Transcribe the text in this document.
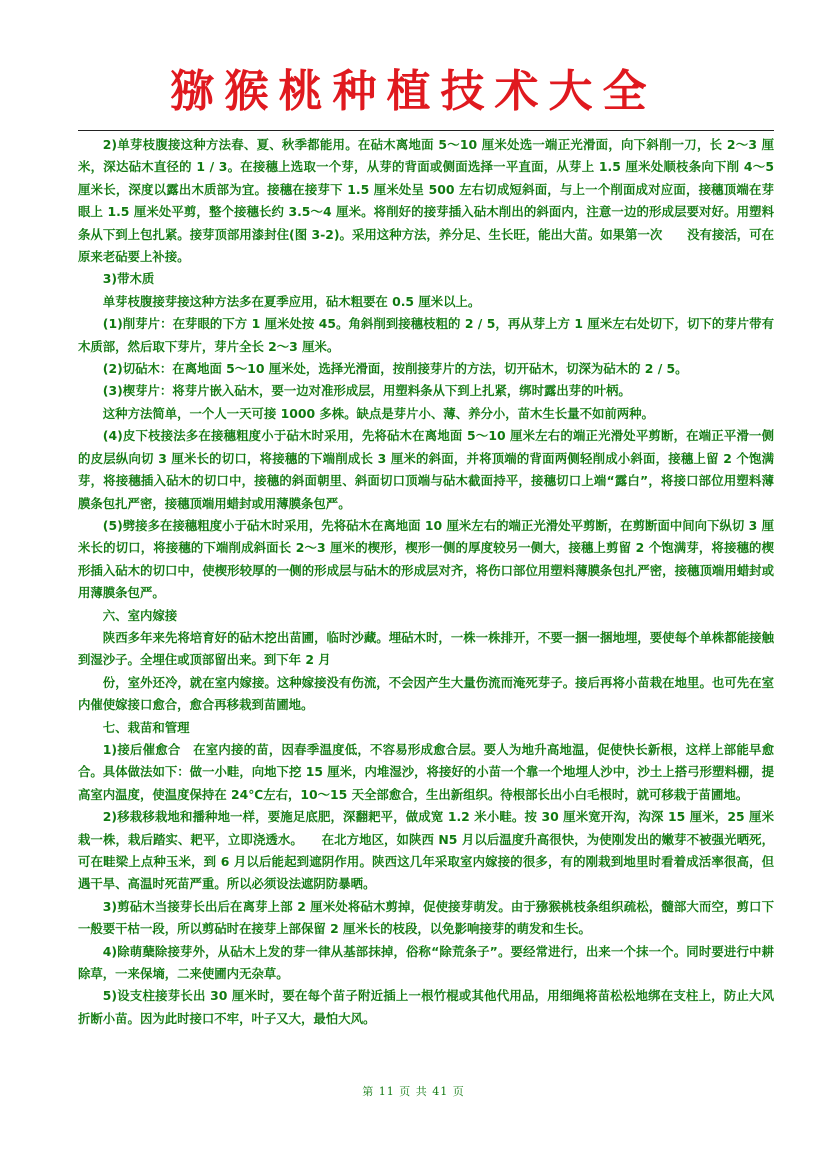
猕猴桃种植技术大全

2)单芽枝腹接这种方法春、夏、秋季都能用。在砧木离地面 5～10 厘米处选一端正光滑面，向下斜削一刀，长 2～3 厘米，深达砧木直径的 1 / 3。在接穗上选取一个芽，从芽的背面或侧面选择一平直面，从芽上 1.5 厘米处顺枝条向下削 4～5 厘米长，深度以露出木质部为宜。接穗在接芽下 1.5 厘米处呈 500 左右切成短斜面，与上一个削面成对应面，接穗顶端在芽眼上 1.5 厘米处平剪，整个接穗长约 3.5～4 厘米。将削好的接芽插入砧木削出的斜面内，注意一边的形成层要对好。用塑料条从下到上包扎紧。接芽顶部用漆封住(图 3-2)。采用这种方法，养分足、生长旺，能出大苗。如果第一次　　没有接活，可在原来老砧要上补接。

3)带木质

单芽枝腹接芽接这种方法多在夏季应用，砧木粗要在 0.5 厘米以上。

(1)削芽片：在芽眼的下方 1 厘米处按 45。角斜削到接穗枝粗的 2 / 5，再从芽上方 1 厘米左右处切下，切下的芽片带有木质部，然后取下芽片，芽片全长 2～3 厘米。

(2)切砧木：在离地面 5～10 厘米处，选择光滑面，按削接芽片的方法，切开砧木，切深为砧木的 2 / 5。

(3)楔芽片：将芽片嵌入砧木，要一边对准形成层，用塑料条从下到上扎紧，绑时露出芽的叶柄。

这种方法简单，一个人一天可接 1000 多株。缺点是芽片小、薄、养分小，苗木生长量不如前两种。

(4)皮下枝接法多在接穗粗度小于砧木时采用，先将砧木在离地面 5～10 厘米左右的端正光滑处平剪断，在端正平滑一侧的皮层纵向切 3 厘米长的切口，将接穗的下端削成长 3 厘米的斜面，并将顶端的背面两侧轻削成小斜面，接穗上留 2 个饱满芽，将接穗插入砧木的切口中，接穗的斜面朝里、斜面切口顶端与砧木截面持平，接穗切口上端“露白”，将接口部位用塑料薄膜条包扎严密，接穗顶端用蜡封或用薄膜条包严。

(5)劈接多在接穗粗度小于砧木时采用，先将砧木在离地面 10 厘米左右的端正光滑处平剪断，在剪断面中间向下纵切 3 厘米长的切口，将接穗的下端削成斜面长 2～3 厘米的楔形，楔形一侧的厚度较另一侧大，接穗上剪留 2 个饱满芽，将接穗的楔形插入砧木的切口中，使楔形较厚的一侧的形成层与砧木的形成层对齐，将伤口部位用塑料薄膜条包扎严密，接穗顶端用蜡封或用薄膜条包严。

六、室内嫁接

陕西多年来先将培育好的砧木挖出苗圃，临时沙藏。埋砧木时，一株一株排开，不要一捆一捆地埋，要使每个单株都能接触到湿沙子。全埋住或顶部留出来。到下年 2 月

份，室外还冷，就在室内嫁接。这种嫁接没有伤流，不会因产生大量伤流而淹死芽子。接后再将小苗栽在地里。也可先在室内催使嫁接口愈合，愈合再移栽到苗圃地。

七、栽苗和管理

1)接后催愈合　在室内接的苗，因春季温度低，不容易形成愈合层。要人为地升高地温，促使快长新根，这样上部能早愈合。具体做法如下：做一小畦，向地下挖 15 厘米，内堆湿沙，将接好的小苗一个靠一个地埋人沙中，沙土上搭弓形塑料棚，提高室内温度，使温度保持在 24℃左右，10～15 天全部愈合，生出新组织。待根部长出小白毛根时，就可移栽于苗圃地。

2)移栽移栽地和播种地一样，要施足底肥，深翻耙平，做成宽 1.2 米小畦。按 30 厘米宽开沟，沟深 15 厘米，25 厘米栽一株，栽后踏实、耙平，立即浇透水。　　在北方地区，如陕西 N5 月以后温度升高很快，为使刚发出的嫩芽不被强光晒死，可在畦梁上点种玉米，到 6 月以后能起到遮阴作用。陕西这几年采取室内嫁接的很多，有的刚栽到地里时看着成活率很高，但遇干旱、高温时死苗严重。所以必须设法遮阴防暴晒。

3)剪砧木当接芽长出后在离芽上部 2 厘米处将砧木剪掉，促使接芽萌发。由于猕猴桃枝条组织疏松，髓部大而空，剪口下一般要干枯一段，所以剪砧时在接芽上部保留 2 厘米长的枝段，以免影响接芽的萌发和生长。

4)除萌蘖除接芽外，从砧木上发的芽一律从基部抹掉，俗称“除荒条子”。要经常进行，出来一个抹一个。同时要进行中耕除草，一来保墒，二来使圃内无杂草。

5)设支柱接芽长出 30 厘米时，要在每个苗子附近插上一根竹棍或其他代用品，用细绳将苗松松地绑在支柱上，防止大风折断小苗。因为此时接口不牢，叶子又大，最怕大风。

第 11 页 共 41 页
